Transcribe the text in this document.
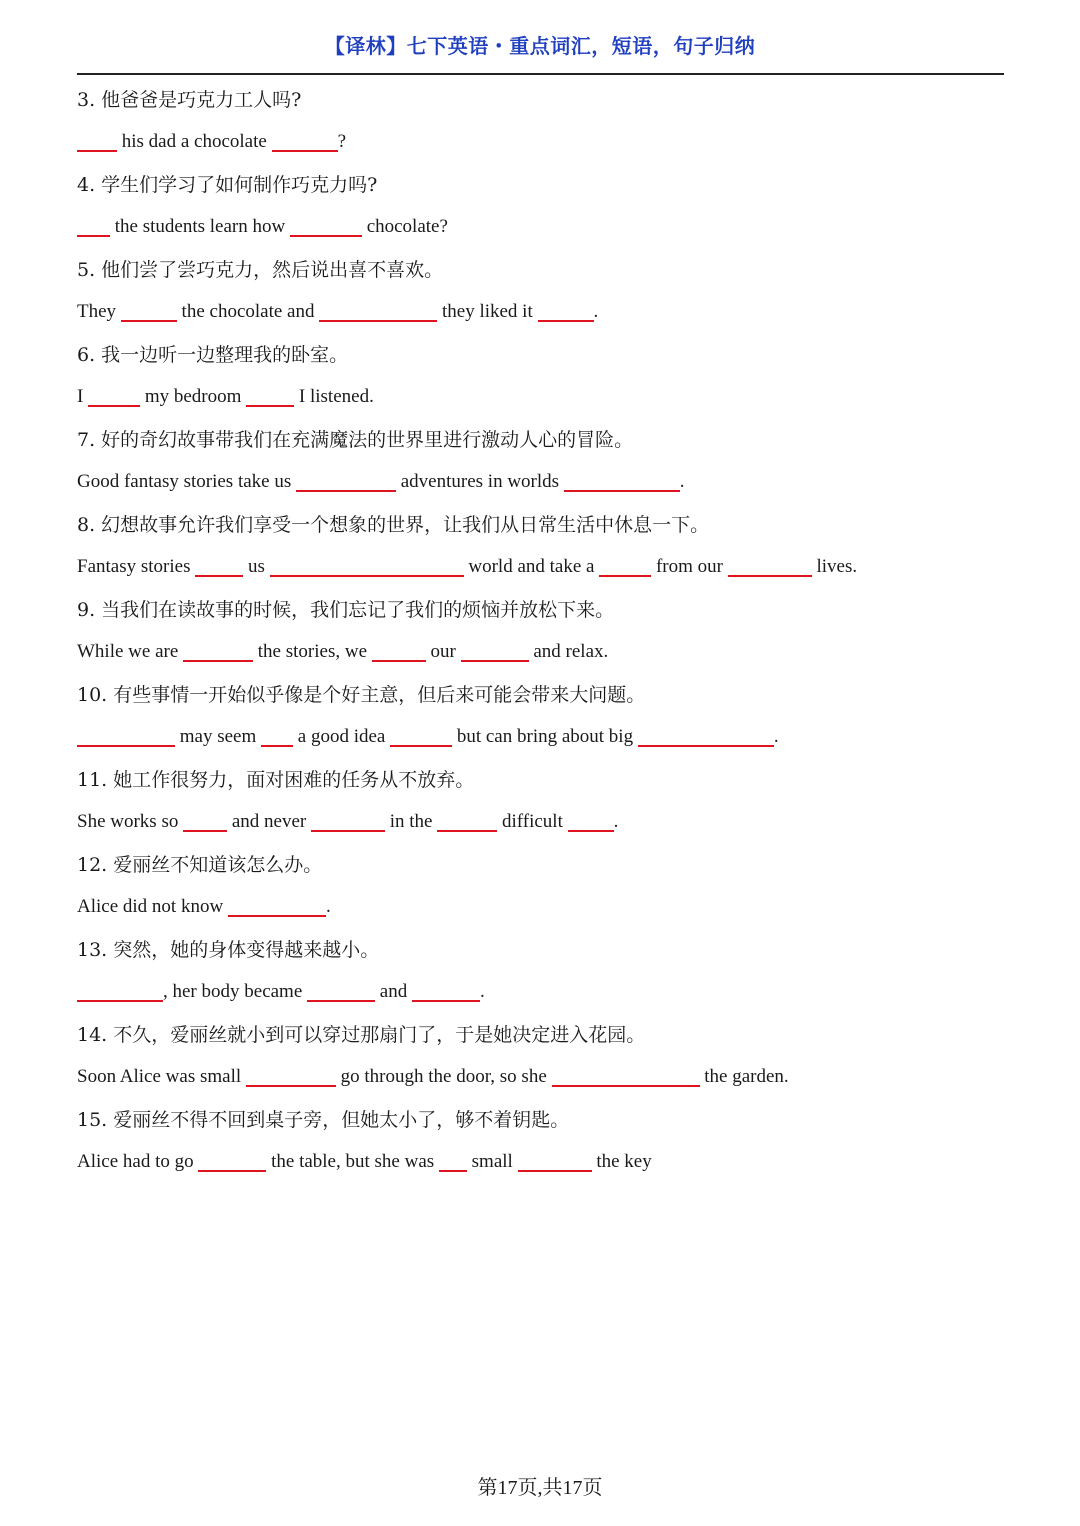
【译林】七下英语・重点词汇，短语，句子归纳
3. 他爸爸是巧克力工人吗?
his dad a chocolate	?
4. 学生们学习了如何制作巧克力吗?
the students learn how	chocolate?
5. 他们尝了尝巧克力，然后说出喜不喜欢。
They	the chocolate and	they liked it	.
6. 我一边听一边整理我的卧室。
I	my bedroom	I listened.
7. 好的奇幻故事带我们在充满魔法的世界里进行激动人心的冒险。
Good fantasy stories take us	adventures in worlds	.
8. 幻想故事允许我们享受一个想象的世界，让我们从日常生活中休息一下。
Fantasy stories	us	world and take a	from our	lives.
9. 当我们在读故事的时候，我们忘记了我们的烦恼并放松下来。
While we are	the stories, we	our	and relax.
10. 有些事情一开始似乎像是个好主意，但后来可能会带来大问题。
may seem  a good idea	but can bring about big	.
11. 她工作很努力，面对困难的任务从不放弃。
She works so  and never	in the	difficult .
12. 爱丽丝不知道该怎么办。
Alice did not know	.
13. 突然，她的身体变得越来越小。
, her body became	and	.
14. 不久，爱丽丝就小到可以穿过那扇门了，于是她决定进入花园。
Soon Alice was small	go through the door, so she	the garden.
15. 爱丽丝不得不回到桌子旁，但她太小了，够不着钥匙。
Alice had to go	the table, but she was  small	the key
第17页,共17页
